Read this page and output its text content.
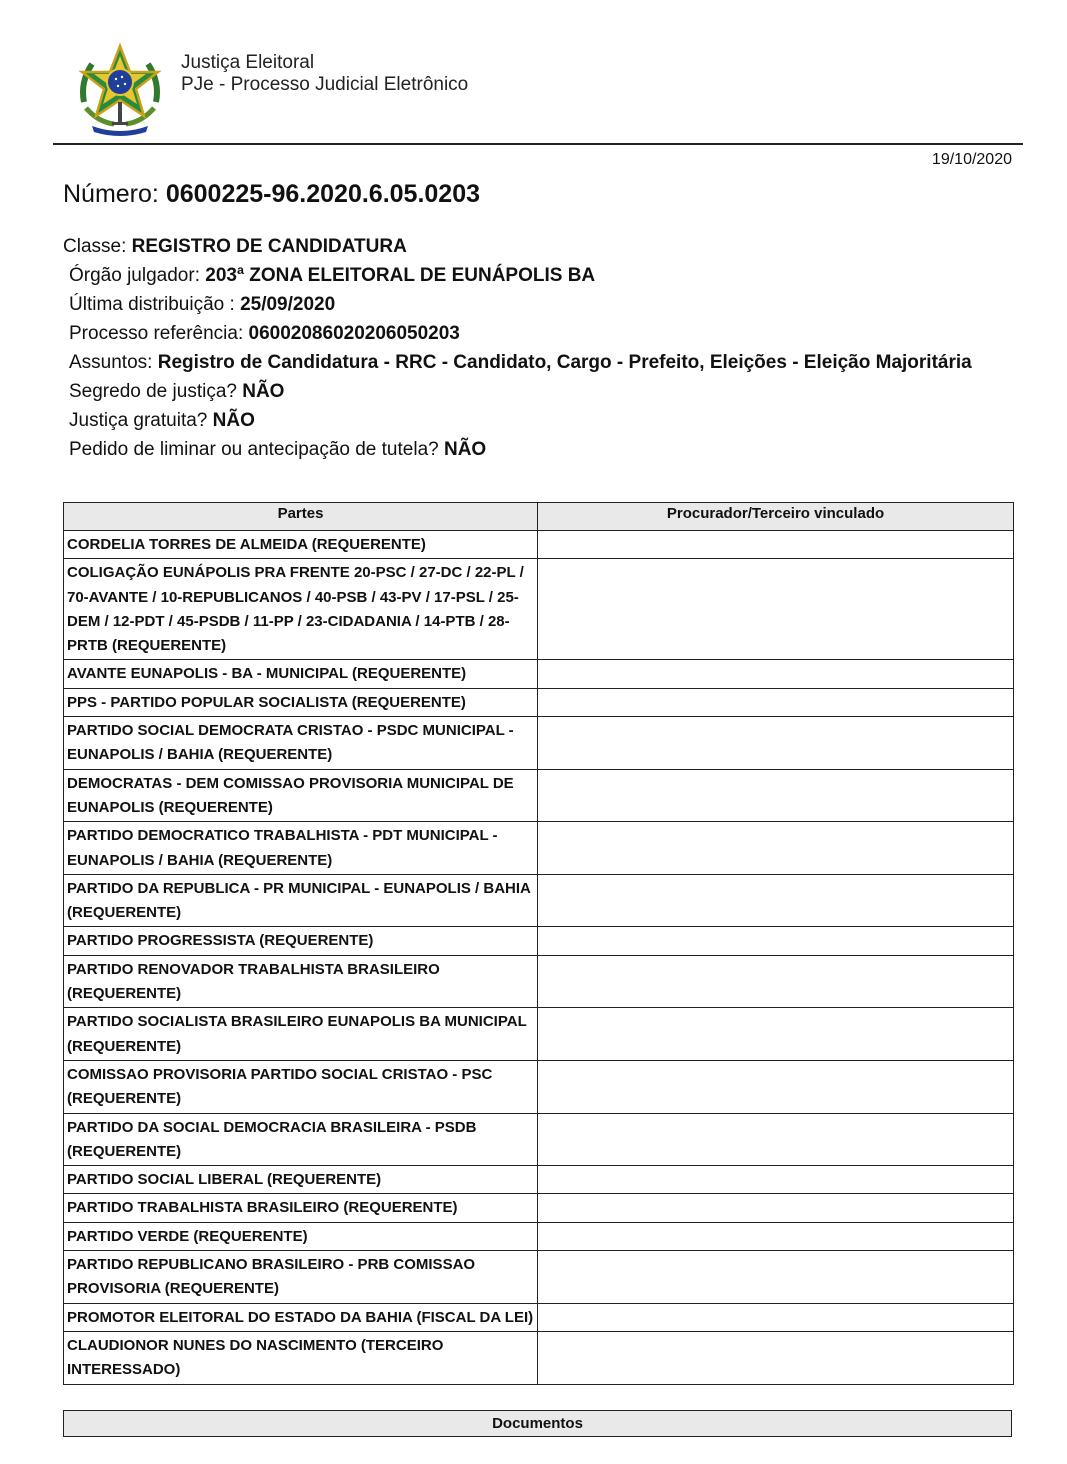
Justiça Eleitoral
PJe - Processo Judicial Eletrônico
19/10/2020
Número: 0600225-96.2020.6.05.0203
Classe: REGISTRO DE CANDIDATURA
Órgão julgador: 203ª ZONA ELEITORAL DE EUNÁPOLIS BA
Última distribuição : 25/09/2020
Processo referência: 06002086020206050203
Assuntos: Registro de Candidatura - RRC - Candidato, Cargo - Prefeito, Eleições - Eleição Majoritária
Segredo de justiça? NÃO
Justiça gratuita? NÃO
Pedido de liminar ou antecipação de tutela? NÃO
Partes	Procurador/Terceiro vinculado
CORDELIA TORRES DE ALMEIDA (REQUERENTE)	
COLIGAÇÃO EUNÁPOLIS PRA FRENTE 20-PSC / 27-DC / 22-PL / 70-AVANTE / 10-REPUBLICANOS / 40-PSB / 43-PV / 17-PSL / 25-DEM / 12-PDT / 45-PSDB / 11-PP / 23-CIDADANIA / 14-PTB / 28-PRTB (REQUERENTE)	
AVANTE EUNAPOLIS - BA - MUNICIPAL (REQUERENTE)	
PPS - PARTIDO POPULAR SOCIALISTA (REQUERENTE)	
PARTIDO SOCIAL DEMOCRATA CRISTAO - PSDC MUNICIPAL - EUNAPOLIS / BAHIA (REQUERENTE)	
DEMOCRATAS - DEM COMISSAO PROVISORIA MUNICIPAL DE EUNAPOLIS (REQUERENTE)	
PARTIDO DEMOCRATICO TRABALHISTA - PDT MUNICIPAL - EUNAPOLIS / BAHIA (REQUERENTE)	
PARTIDO DA REPUBLICA - PR MUNICIPAL - EUNAPOLIS / BAHIA (REQUERENTE)	
PARTIDO PROGRESSISTA (REQUERENTE)	
PARTIDO RENOVADOR TRABALHISTA BRASILEIRO (REQUERENTE)	
PARTIDO SOCIALISTA BRASILEIRO EUNAPOLIS BA MUNICIPAL (REQUERENTE)	
COMISSAO PROVISORIA PARTIDO SOCIAL CRISTAO - PSC (REQUERENTE)	
PARTIDO DA SOCIAL DEMOCRACIA BRASILEIRA - PSDB (REQUERENTE)	
PARTIDO SOCIAL LIBERAL (REQUERENTE)	
PARTIDO TRABALHISTA BRASILEIRO (REQUERENTE)	
PARTIDO VERDE (REQUERENTE)	
PARTIDO REPUBLICANO BRASILEIRO - PRB COMISSAO PROVISORIA (REQUERENTE)	
PROMOTOR ELEITORAL DO ESTADO DA BAHIA (FISCAL DA LEI)	
CLAUDIONOR NUNES DO NASCIMENTO (TERCEIRO INTERESSADO)	
Documentos
